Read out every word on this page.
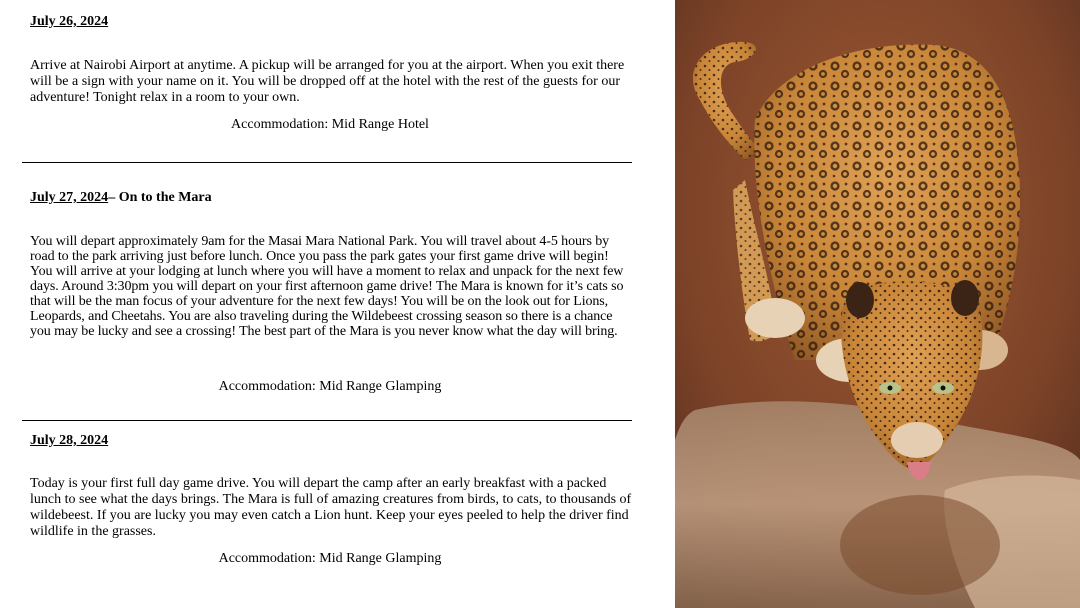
July 26, 2024

Arrive at Nairobi Airport at anytime. A pickup will be arranged for you at the airport. When you exit there will be a sign with your name on it. You will be dropped off at the hotel with the rest of the guests for our adventure! Tonight relax in a room to your own.

Accommodation: Mid Range Hotel

July 27, 2024– On to the Mara

You will depart approximately 9am for the Masai Mara National Park. You will travel about 4-5 hours by road to the park arriving just before lunch. Once you pass the park gates your first game drive will begin! You will arrive at your lodging at lunch where you will have a moment to relax and unpack for the next few days. Around 3:30pm you will depart on your first afternoon game drive! The Mara is known for it’s cats so that will be the man focus of your adventure for the next few days! You will be on the look out for Lions, Leopards, and Cheetahs. You are also traveling during the Wildebeest crossing season so there is a chance you may be lucky and see a crossing! The best part of the Mara is you never know what the day will bring.

Accommodation: Mid Range Glamping

July 28, 2024

Today is your first full day game drive. You will depart the camp after an early breakfast with a packed lunch to see what the days brings. The Mara is full of amazing creatures from birds, to cats, to thousands of wildebeest. If you are lucky you may even catch a Lion hunt. Keep your eyes peeled to help the driver find wildlife in the grasses.

Accommodation: Mid Range Glamping
